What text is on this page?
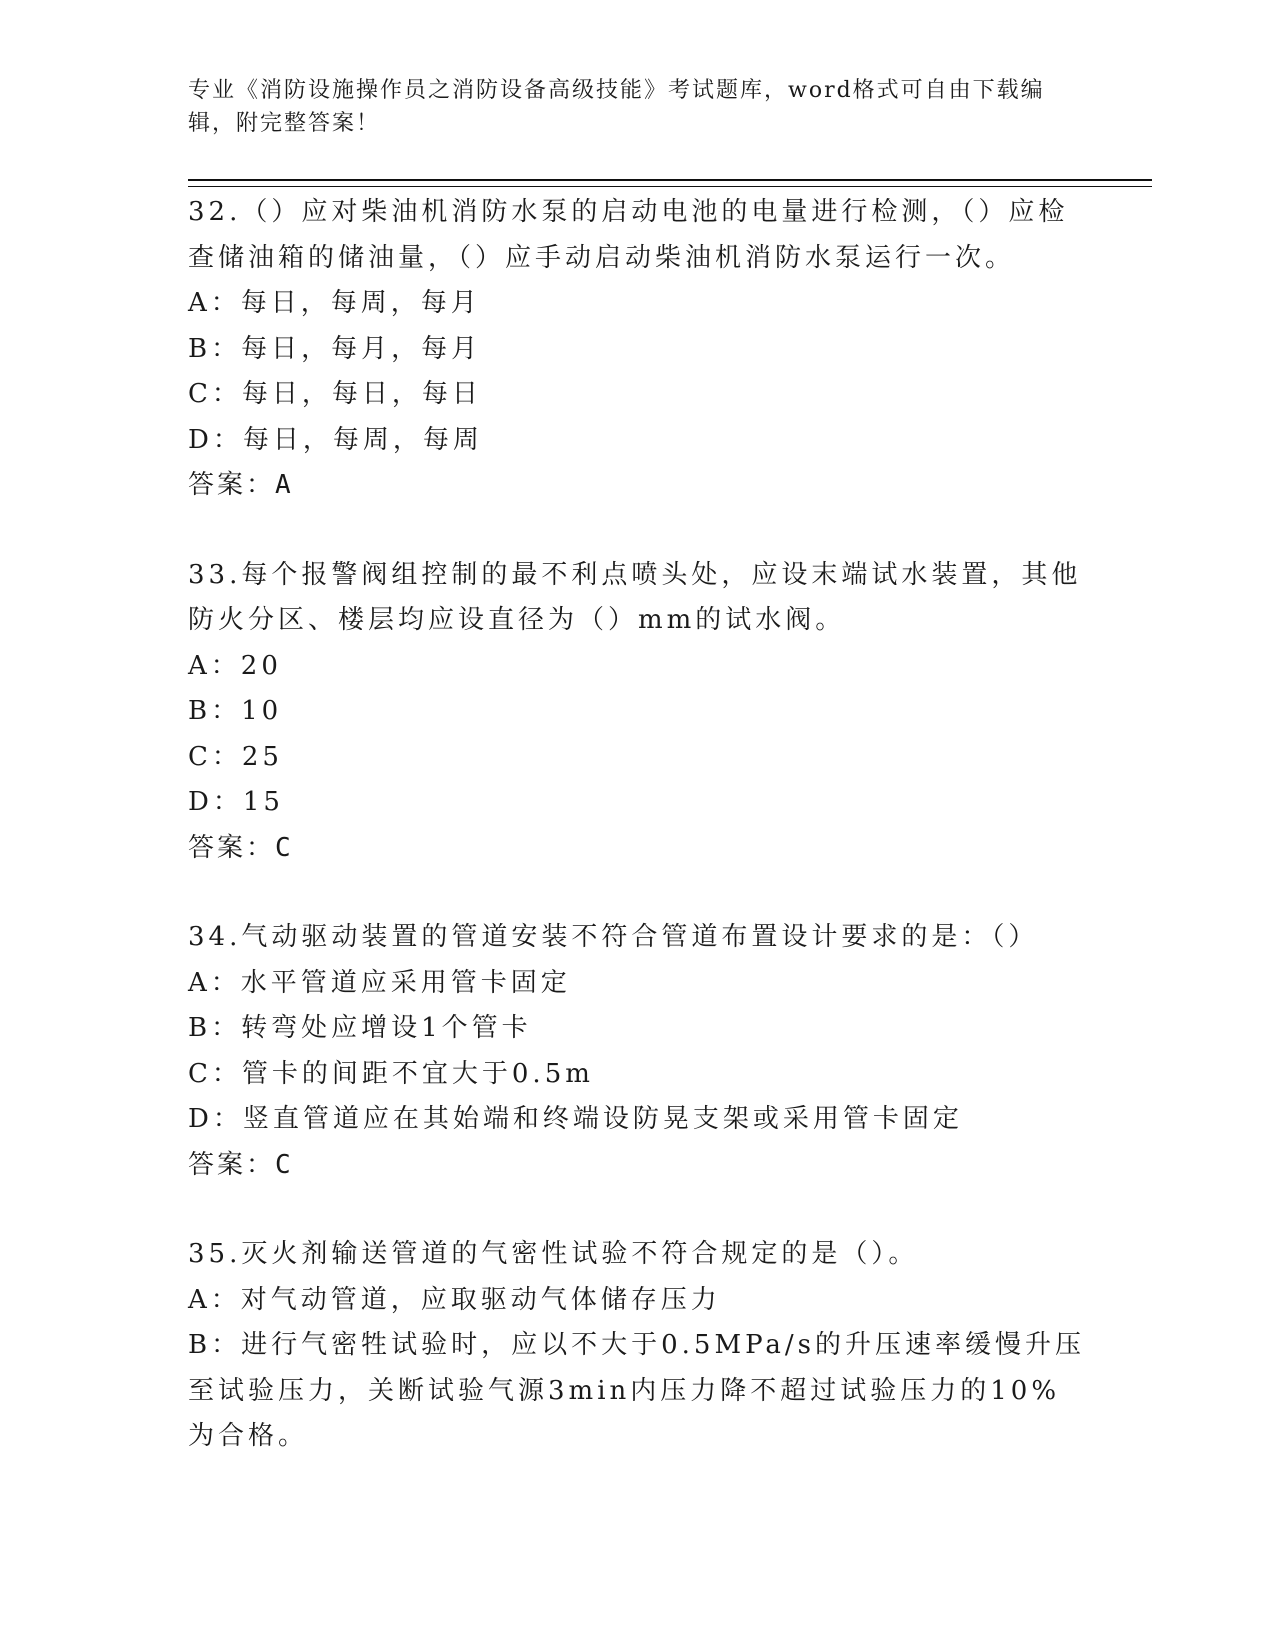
专业《消防设施操作员之消防设备高级技能》考试题库，word格式可自由下载编辑，附完整答案！

32.（）应对柴油机消防水泵的启动电池的电量进行检测，（）应检查储油箱的储油量，（）应手动启动柴油机消防水泵运行一次。

A：每日，每周，每月

B：每日，每月，每月

C：每日，每日，每日

D：每日，每周，每周

答案：A

33.每个报警阀组控制的最不利点喷头处，应设末端试水装置，其他防火分区、楼层均应设直径为（）mm的试水阀。

A：20

B：10

C：25

D：15

答案：C

34.气动驱动装置的管道安装不符合管道布置设计要求的是：（）

A：水平管道应采用管卡固定

B：转弯处应增设1个管卡

C：管卡的间距不宜大于0.5m

D：竖直管道应在其始端和终端设防晃支架或采用管卡固定

答案：C

35.灭火剂输送管道的气密性试验不符合规定的是（）。

A：对气动管道，应取驱动气体储存压力

B：进行气密牲试验时，应以不大于0.5MPa/s的升压速率缓慢升压至试验压力，关断试验气源3min内压力降不超过试验压力的10%为合格。
